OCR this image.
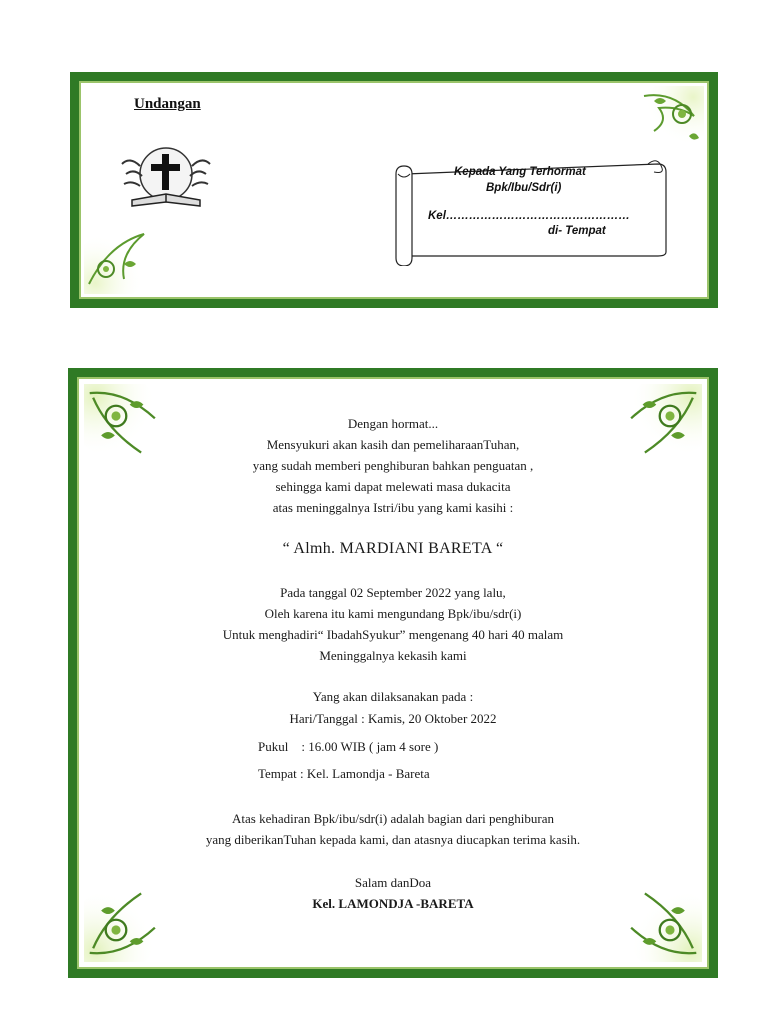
Undangan
Kepada Yang Terhormat
Bpk/Ibu/Sdr(i)
Kel…………………………………………
di- Tempat
Dengan hormat...
Mensyukuri akan kasih dan pemeliharaanTuhan,
yang sudah memberi penghiburan bahkan penguatan ,
sehingga kami dapat melewati masa dukacita
atas meninggalnya Istri/ibu yang kami kasihi :
“ Almh. MARDIANI BARETA “
Pada tanggal 02 September 2022 yang lalu,
Oleh karena itu kami mengundang Bpk/ibu/sdr(i)
Untuk menghadiri“ IbadahSyukur” mengenang 40 hari 40 malam
Meninggalnya kekasih kami
Yang akan dilaksanakan pada :
Hari/Tanggal : Kamis, 20 Oktober 2022
Pukul    : 16.00 WIB ( jam 4 sore )
Tempat : Kel. Lamondja - Bareta
Atas kehadiran Bpk/ibu/sdr(i) adalah bagian dari penghiburan
yang diberikanTuhan kepada kami, dan atasnya diucapkan terima kasih.
Salam danDoa
Kel. LAMONDJA -BARETA
